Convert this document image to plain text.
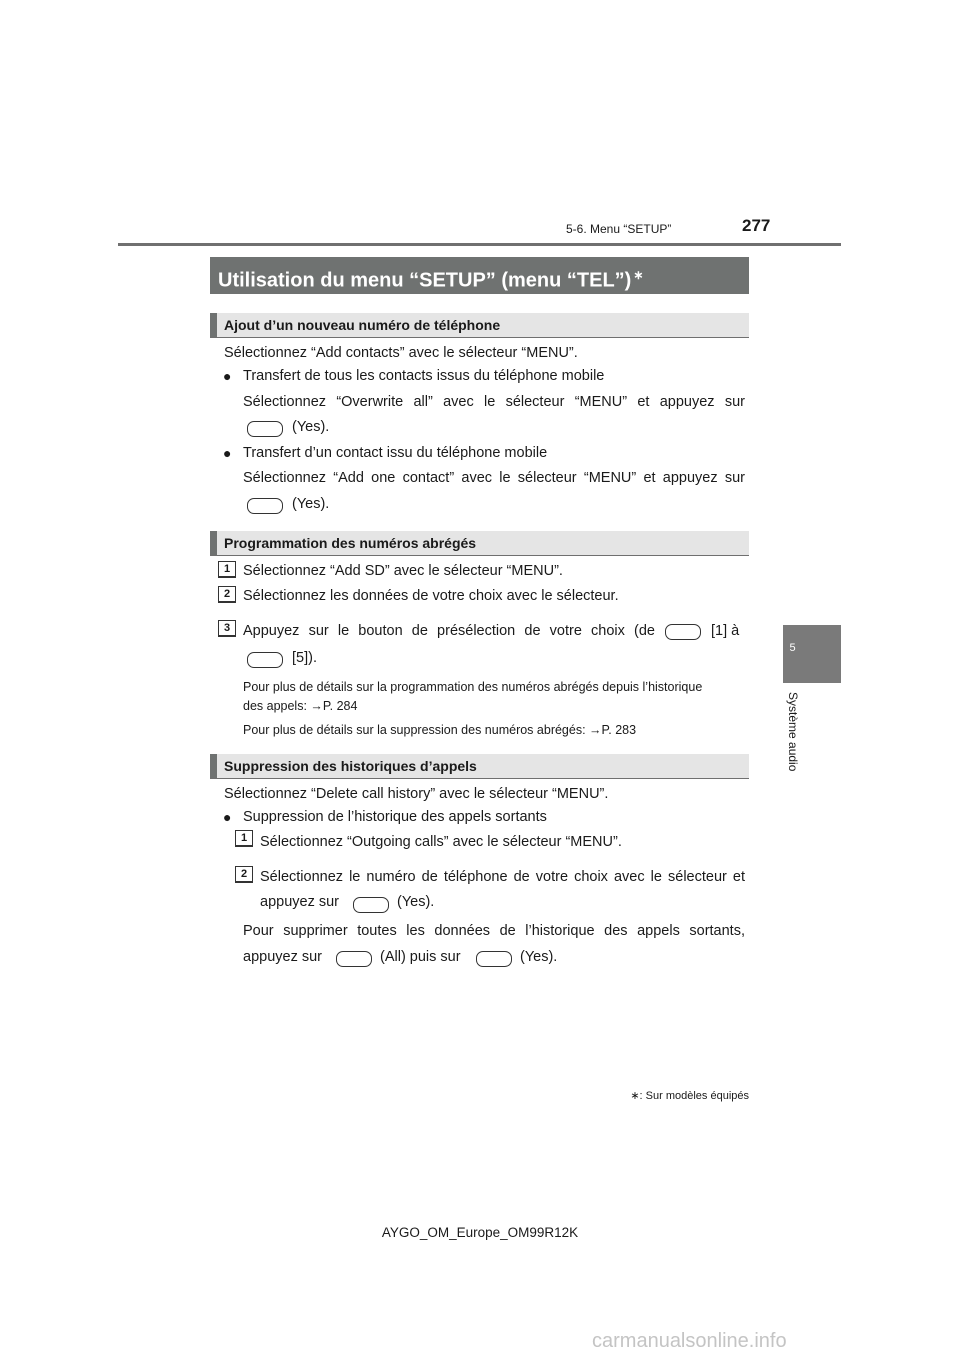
5-6. Menu “SETUP”	277
5
Système audio
Utilisation du menu “SETUP” (menu “TEL”) ∗
Ajout d’un nouveau numéro de téléphone
Sélectionnez “Add contacts” avec le sélecteur “MENU”.
● Transfert de tous les contacts issus du téléphone mobile
Sélectionnez “Overwrite all” avec le sélecteur “MENU” et appuyez sur
(Yes).
● Transfert d’un contact issu du téléphone mobile
Sélectionnez “Add one contact” avec le sélecteur “MENU” et appuyez sur
(Yes).
Programmation des numéros abrégés
1 Sélectionnez “Add SD” avec le sélecteur “MENU”.
2 Sélectionnez les données de votre choix avec le sélecteur.
3 Appuyez sur le bouton de présélection de votre choix (de	[1] à
[5]).
Pour plus de détails sur la programmation des numéros abrégés depuis l’historique
des appels: →P. 284
Pour plus de détails sur la suppression des numéros abrégés: →P. 283
Suppression des historiques d’appels
Sélectionnez “Delete call history” avec le sélecteur “MENU”.
● Suppression de l’historique des appels sortants
1 Sélectionnez “Outgoing calls” avec le sélecteur “MENU”.
2 Sélectionnez le numéro de téléphone de votre choix avec le sélecteur et
appuyez sur	(Yes).
Pour supprimer toutes les données de l’historique des appels sortants,
appuyez sur	(All) puis sur	(Yes).
∗: Sur modèles équipés
AYGO_OM_Europe_OM99R12K
carmanualsonline.info
